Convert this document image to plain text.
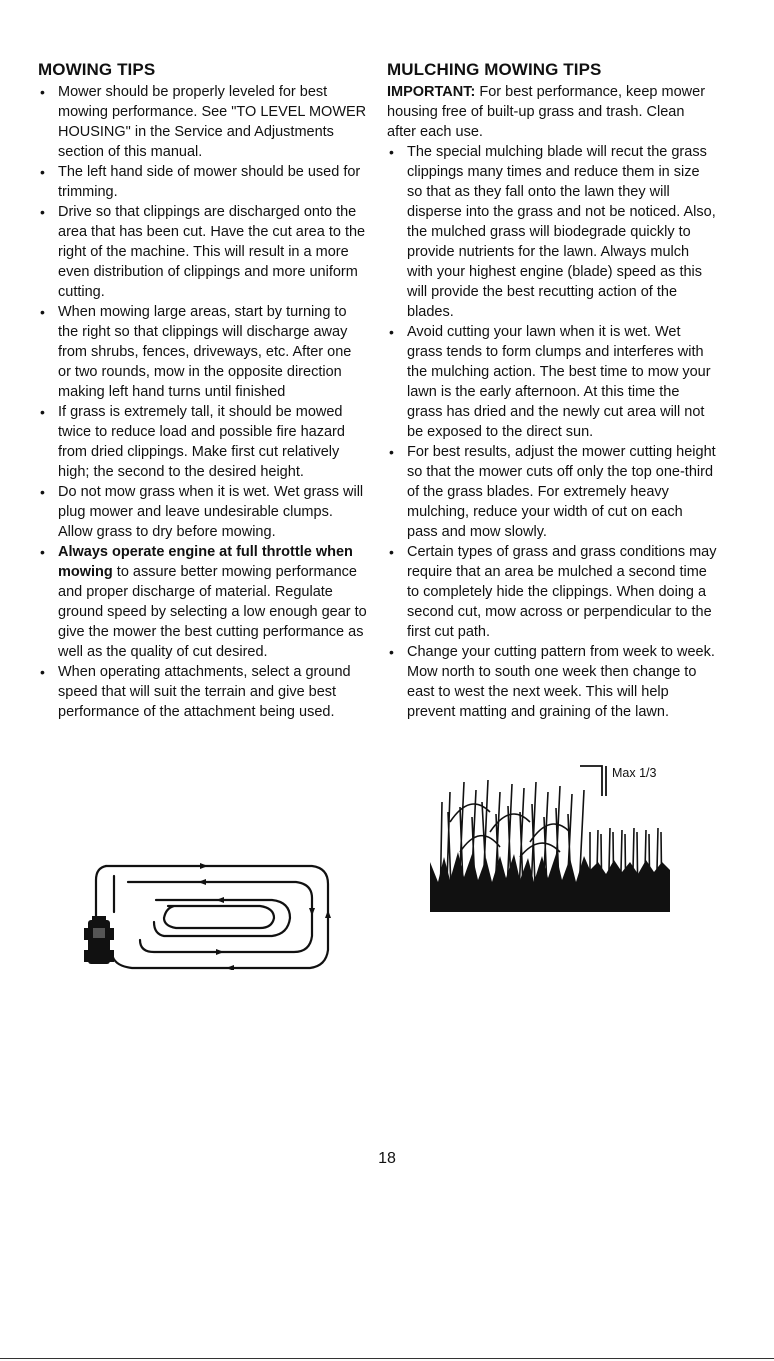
MOWING TIPS
• Mower should be properly leveled for best mowing performance. See "TO LEVEL MOWER HOUSING" in the Service and Adjustments section of this manual.
• The left hand side of mower should be used for trimming.
• Drive so that clippings are discharged onto the area that has been cut. Have the cut area to the right of the machine. This will result in a more even distribution of clippings and more uniform cutting.
• When mowing large areas, start by turning to the right so that clippings will discharge away from shrubs, fences, driveways, etc. After one or two rounds, mow in the opposite direction making left hand turns until finished
• If grass is extremely tall, it should be mowed twice to reduce load and possible fire hazard from dried clippings. Make first cut relatively high; the second to the desired height.
• Do not mow grass when it is wet. Wet grass will plug mower and leave undesirable clumps. Allow grass to dry before mowing.
• Always operate engine at full throttle when mowing to assure better mowing performance and proper discharge of material. Regulate ground speed by selecting a low enough gear to give the mower the best cutting performance as well as the quality of cut desired.
• When operating attachments, select a ground speed that will suit the terrain and give best performance of the attachment being used.
MULCHING MOWING TIPS

IMPORTANT: For best performance, keep mower housing free of built-up grass and trash. Clean after each use.

• The special mulching blade will recut the grass clippings many times and reduce them in size so that as they fall onto the lawn they will disperse into the grass and not be noticed. Also, the mulched grass will biodegrade quickly to provide nutrients for the lawn. Always mulch with your highest engine (blade) speed as this will provide the best recutting action of the blades.
• Avoid cutting your lawn when it is wet. Wet grass tends to form clumps and interferes with the mulching action. The best time to mow your lawn is the early afternoon. At this time the grass has dried and the newly cut area will not be exposed to the direct sun.
• For best results, adjust the mower cutting height so that the mower cuts off only the top one-third of the grass blades. For extremely heavy mulching, reduce your width of cut on each pass and mow slowly.
• Certain types of grass and grass conditions may require that an area be mulched a second time to completely hide the clippings. When doing a second cut, mow across or perpendicular to the first cut path.
• Change your cutting pattern from week to week. Mow north to south one week then change to east to west the next week. This will help prevent matting and graining of the lawn.
Max 1/3
18
